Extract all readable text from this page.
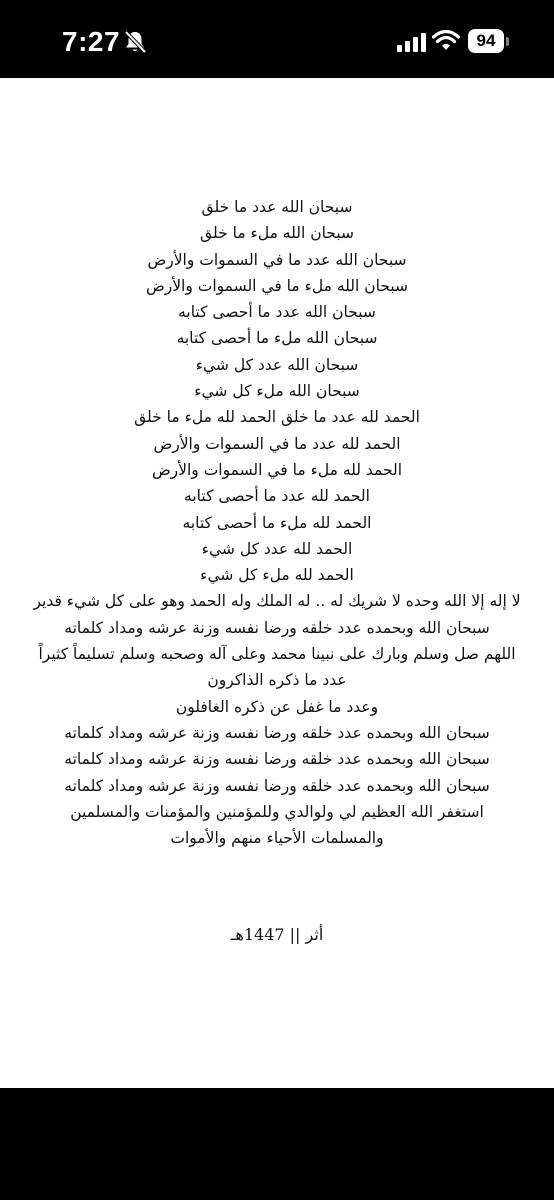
7:27	94
سبحان الله عدد ما خلق
سبحان الله ملء ما خلق
سبحان الله عدد ما في السموات والأرض
سبحان الله ملء ما في السموات والأرض
سبحان الله عدد ما أحصى كتابه
سبحان الله ملء ما أحصى كتابه
سبحان الله عدد كل شيء
سبحان الله ملء كل شيء
الحمد لله عدد ما خلق الحمد لله ملء ما خلق
الحمد لله عدد ما في السموات والأرض
الحمد لله ملء ما في السموات والأرض
الحمد لله عدد ما أحصى كتابه
الحمد لله ملء ما أحصى كتابه
الحمد لله عدد كل شيء
الحمد لله ملء كل شيء
لا إله إلا الله وحده لا شريك له .. له الملك وله الحمد وهو على كل شيء قدير
سبحان الله وبحمده عدد خلقه ورضا نفسه وزنة عرشه ومداد كلماته
اللهم صل وسلم وبارك على نبينا محمد وعلى آله وصحبه وسلم تسليماً كثيراً
عدد ما ذكره الذاكرون
وعدد ما غفل عن ذكره الغافلون
سبحان الله وبحمده عدد خلقه ورضا نفسه وزنة عرشه ومداد كلماته
سبحان الله وبحمده عدد خلقه ورضا نفسه وزنة عرشه ومداد كلماته
سبحان الله وبحمده عدد خلقه ورضا نفسه وزنة عرشه ومداد كلماته
استغفر الله العظيم لي ولوالدي وللمؤمنين والمؤمنات والمسلمين
والمسلمات الأحياء منهم والأموات
أثر || 1447هـ
